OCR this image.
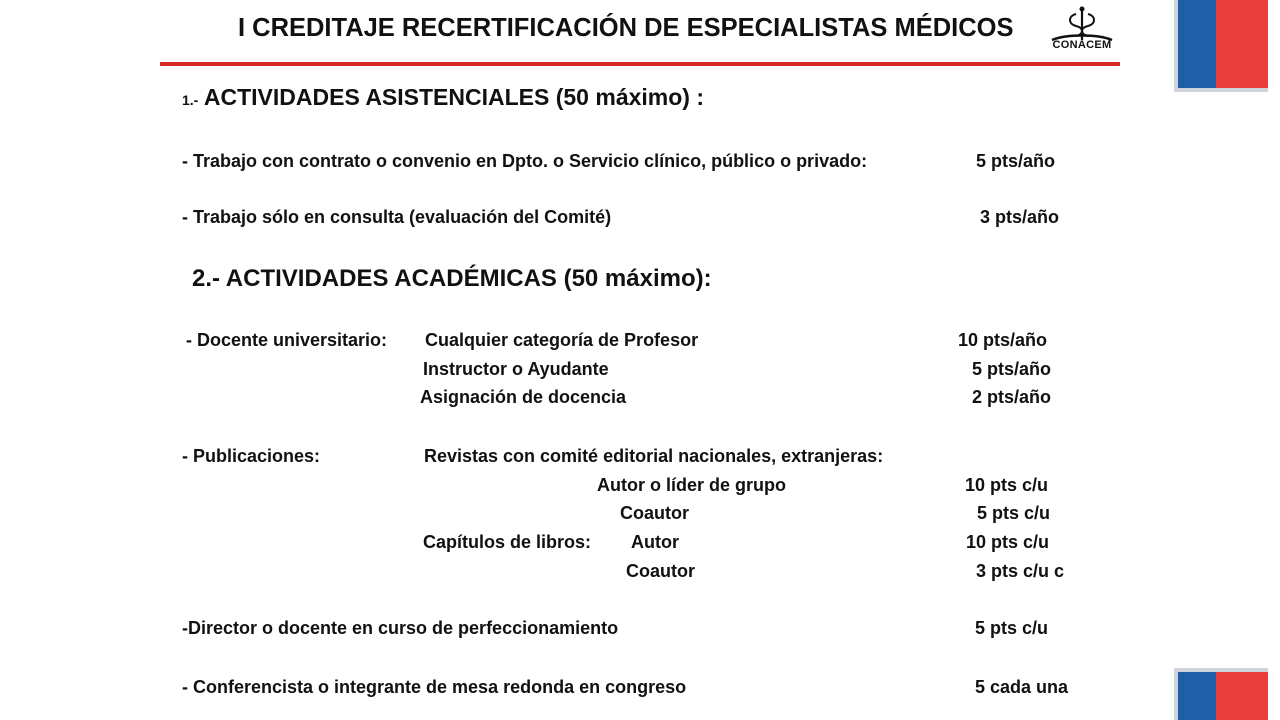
I CREDITAJE RECERTIFICACIÓN DE ESPECIALISTAS MÉDICOS
CONACEM
1.- ACTIVIDADES ASISTENCIALES (50 máximo) :
- Trabajo con contrato o convenio en Dpto. o Servicio clínico, público o privado:	5 pts/año
- Trabajo sólo en consulta (evaluación del Comité)	3 pts/año
2.- ACTIVIDADES ACADÉMICAS (50 máximo):
- Docente universitario: Cualquier categoría de Profesor	10 pts/año
Instructor o Ayudante	5 pts/año
Asignación de docencia	2 pts/año
- Publicaciones:	Revistas con comité editorial nacionales, extranjeras:
Autor o líder de grupo	10 pts c/u
Coautor	5 pts c/u
Capítulos de libros: Autor	10 pts c/u
Coautor	3 pts c/u c
-Director o docente en curso de perfeccionamiento	5 pts c/u
- Conferencista o integrante de mesa redonda en congreso	5 cada una
